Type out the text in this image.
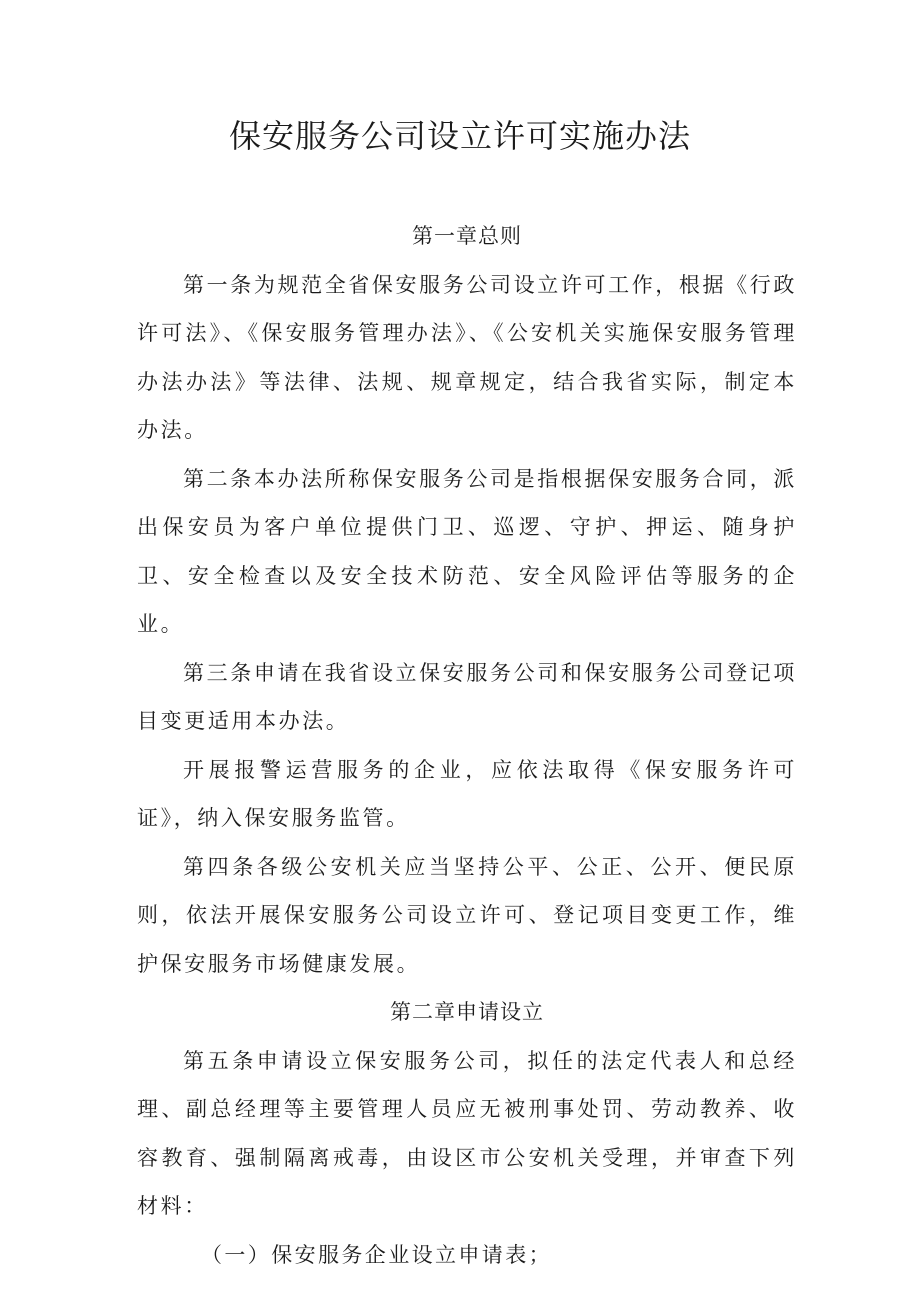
保安服务公司设立许可实施办法

第一章总则

第一条为规范全省保安服务公司设立许可工作，根据《行政许可法》、《保安服务管理办法》、《公安机关实施保安服务管理办法办法》等法律、法规、规章规定，结合我省实际，制定本办法。

第二条本办法所称保安服务公司是指根据保安服务合同，派出保安员为客户单位提供门卫、巡逻、守护、押运、随身护卫、安全检查以及安全技术防范、安全风险评估等服务的企业。

第三条申请在我省设立保安服务公司和保安服务公司登记项目变更适用本办法。

开展报警运营服务的企业，应依法取得《保安服务许可证》，纳入保安服务监管。

第四条各级公安机关应当坚持公平、公正、公开、便民原则，依法开展保安服务公司设立许可、登记项目变更工作，维护保安服务市场健康发展。

第二章申请设立

第五条申请设立保安服务公司，拟任的法定代表人和总经理、副总经理等主要管理人员应无被刑事处罚、劳动教养、收容教育、强制隔离戒毒，由设区市公安机关受理，并审查下列材料：

（一）保安服务企业设立申请表；
